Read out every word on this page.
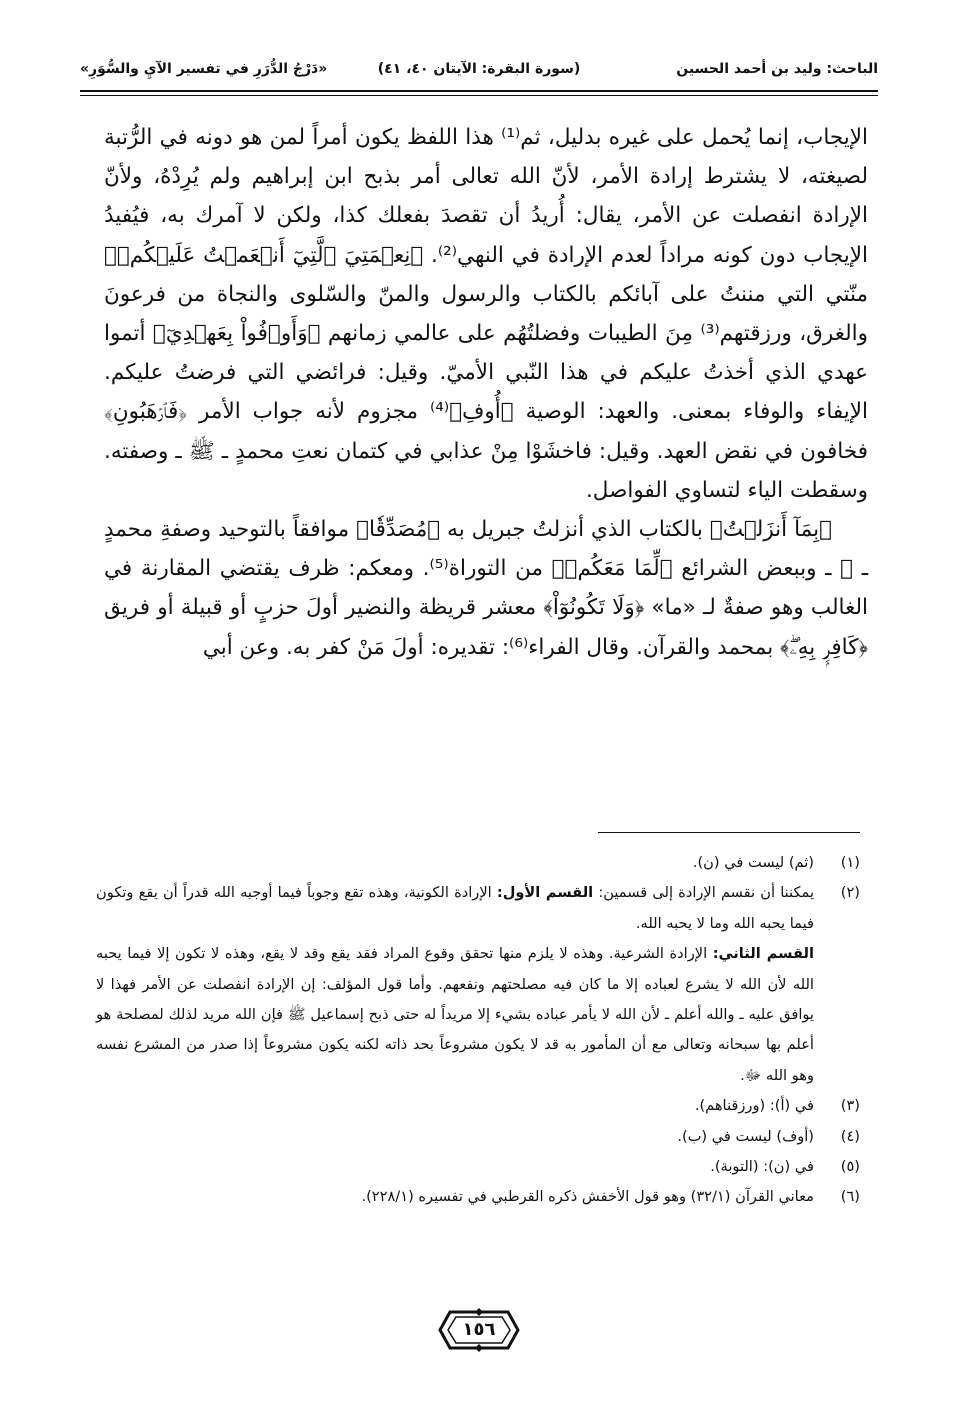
الباحث: وليد بن أحمد الحسين
(سورة البقرة: الآيتان ٤٠، ٤١)
«دَرْجُ الدُّرَرِ في تفسير الآيِ والسُّوَرِ»

الإيجاب، إنما يُحمل على غيره بدليل، ثم⁽¹⁾ هذا اللفظ يكون أمراً لمن هو دونه في الرُّتبة لصيغته، لا يشترط إرادة الأمر، لأنّ الله تعالى أمر بذبح ابن إبراهيم ولم يُرِدْهُ، ولأنّ الإرادة انفصلت عن الأمر، يقال: أُريدُ أن تقصدَ بفعلك كذا، ولكن لا آمرك به، فيُفيدُ الإيجاب دون كونه مراداً لعدم الإرادة في النهي⁽²⁾. ﴿نِعۡمَتِيَ ٱلَّتِيٓ أَنۡعَمۡتُ عَلَيۡكُمۡ﴾ منّتي التي مننتُ على آبائكم بالكتاب والرسول والمنّ والسّلوى والنجاة من فرعونَ والغرق، ورزقتهم⁽³⁾ مِنَ الطيبات وفضلتُهُم على عالمي زمانهم ﴿وَأَوۡفُواْ بِعَهۡدِيٓ﴾ أتموا عهدي الذي أخذتُ عليكم في هذا النّبي الأميّ. وقيل: فرائضي التي فرضتُ عليكم. الإيفاء والوفاء بمعنى. والعهد: الوصية ﴿أُوفِ﴾⁽⁴⁾ مجزوم لأنه جواب الأمر ﴿فَٱرۡهَبُونِ﴾ فخافون في نقض العهد. وقيل: فاخشَوْا مِنْ عذابي في كتمان نعتِ محمدٍ ـ ﷺ ـ وصفته. وسقطت الياء لتساوي الفواصل.

﴿بِمَآ أَنزَلۡتُ﴾ بالكتاب الذي أنزلتُ جبريل به ﴿مُصَدِّقٗا﴾ موافقاً بالتوحيد وصفةِ محمدٍ ـ ﷺ ـ وببعض الشرائع ﴿لِّمَا مَعَكُمۡ﴾ من التوراة⁽⁵⁾. ومعكم: ظرف يقتضي المقارنة في الغالب وهو صفةٌ لـ «ما» ﴿وَلَا تَكُونُوٓاْ﴾ معشر قريظة والنضير أولَ حزبٍ أو قبيلة أو فريق ﴿كَافِرِۭ بِهِۦۖ﴾ بمحمد والقرآن. وقال الفراء⁽⁶⁾: تقديره: أولَ مَنْ كفر به. وعن أبي

(١)
(ثم) ليست في (ن).
(٢)
يمكننا أن نقسم الإرادة إلى قسمين: القسم الأول: الإرادة الكونية، وهذه تقع وجوباً فيما أوجبه الله قدراً أن يقع وتكون فيما يحبه الله وما لا يحبه الله.
القسم الثاني: الإرادة الشرعية. وهذه لا يلزم منها تحقق وقوع المراد فقد يقع وقد لا يقع، وهذه لا تكون إلا فيما يحبه الله لأن الله لا يشرع لعباده إلا ما كان فيه مصلحتهم ونفعهم. وأما قول المؤلف: إن الإرادة انفصلت عن الأمر فهذا لا يوافق عليه ـ والله أعلم ـ لأن الله لا يأمر عباده بشيء إلا مريداً له حتى ذبح إسماعيل ﷺ فإن الله مريد لذلك لمصلحة هو أعلم بها سبحانه وتعالى مع أن المأمور به قد لا يكون مشروعاً بحد ذاته لكنه يكون مشروعاً إذا صدر من المشرع نفسه وهو الله ﷻ.
(٣)
في (أ): (ورزقناهم).
(٤)
(أوف) ليست في (ب).
(٥)
في (ن): (التوبة).
(٦)
معاني القرآن (٣٢/١) وهو قول الأخفش ذكره القرطبي في تفسيره (٢٢٨/١).
١٥٦
